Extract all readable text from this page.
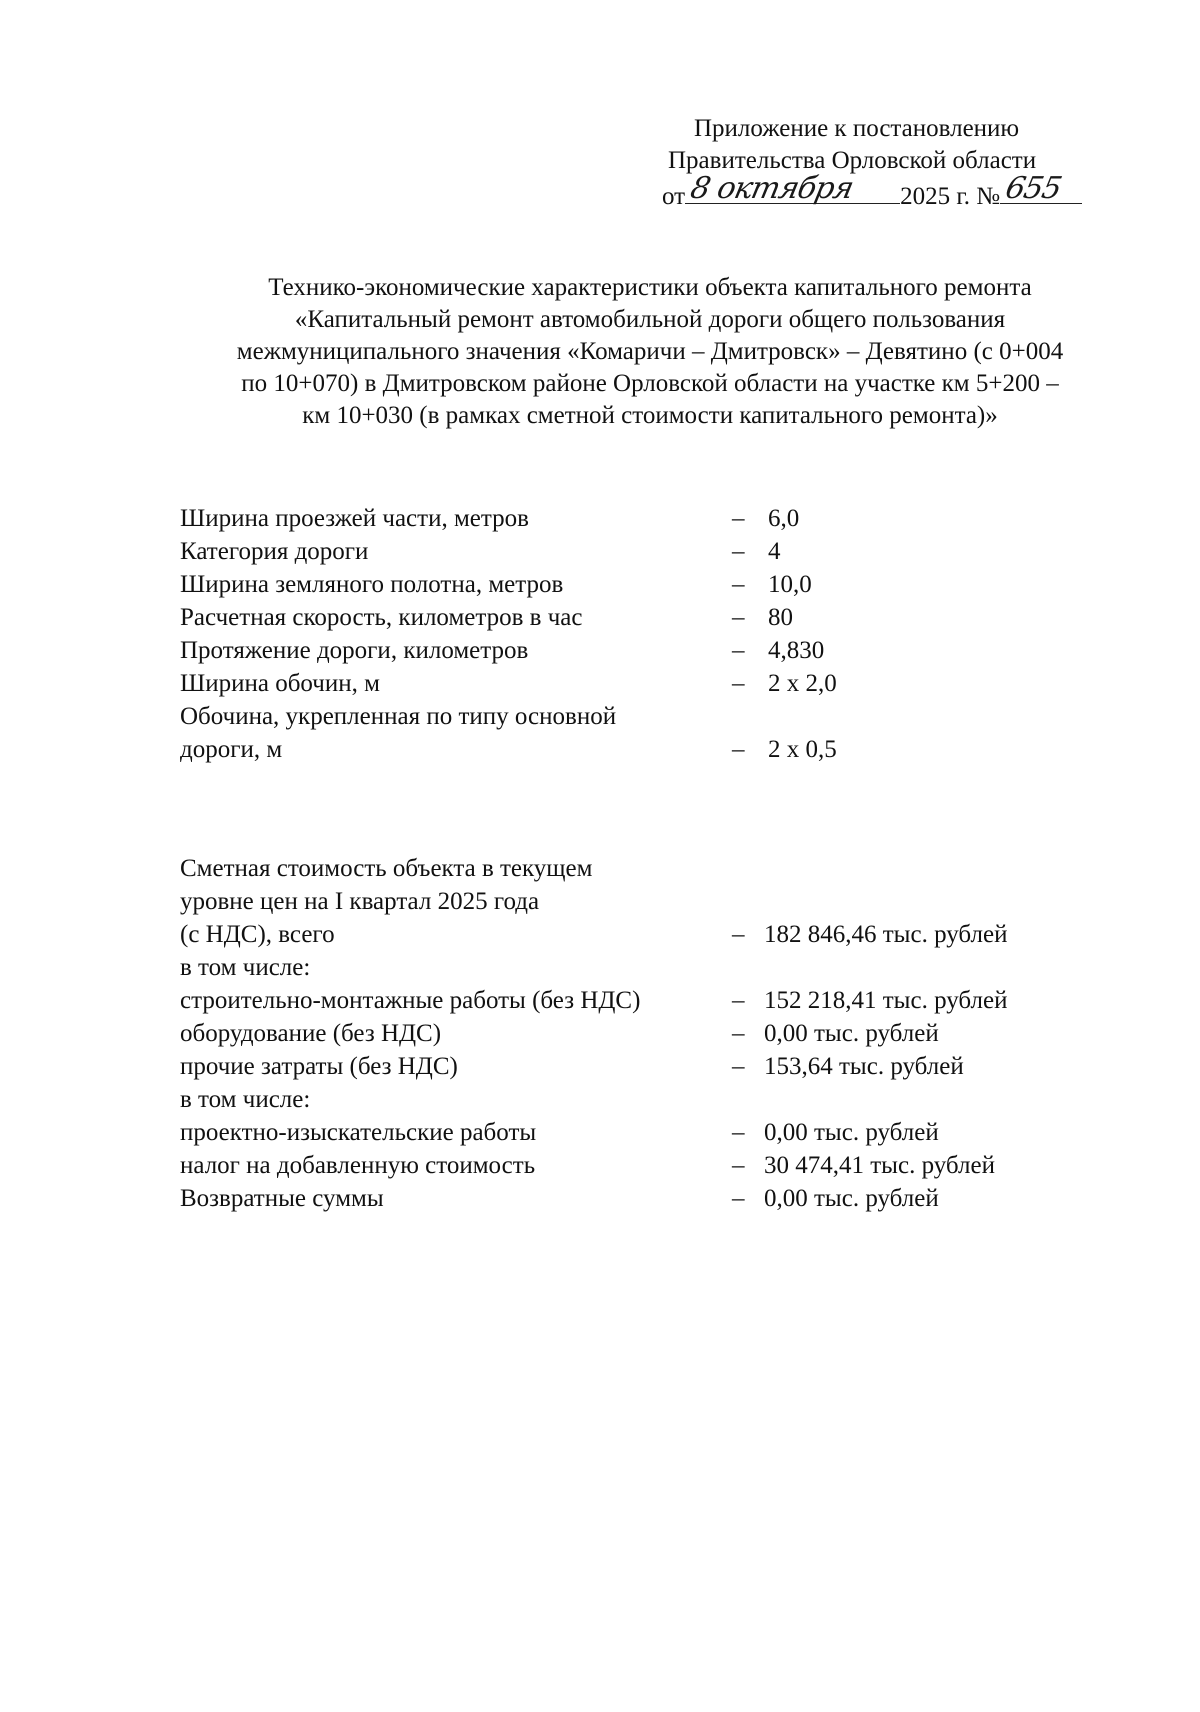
Приложение к постановлению
Правительства Орловской области
от 8 октября 2025 г. № 655
Технико-экономические характеристики объекта капитального ремонта
«Капитальный ремонт автомобильной дороги общего пользования
межмуниципального значения «Комаричи – Дмитровск» – Девятино (с 0+004
по 10+070) в Дмитровском районе Орловской области на участке км 5+200 –
км 10+030 (в рамках сметной стоимости капитального ремонта)»
Ширина проезжей части, метров	– 6,0
Категория дороги	– 4
Ширина земляного полотна, метров	– 10,0
Расчетная скорость, километров в час	– 80
Протяжение дороги, километров	– 4,830
Ширина обочин, м	– 2 х 2,0
Обочина, укрепленная по типу основной
дороги, м	– 2 х 0,5
Сметная стоимость объекта в текущем
уровне цен на I квартал 2025 года
(с НДС), всего	– 182 846,46 тыс. рублей
в том числе:
строительно-монтажные работы (без НДС)	– 152 218,41 тыс. рублей
оборудование (без НДС)	– 0,00 тыс. рублей
прочие затраты (без НДС)	– 153,64 тыс. рублей
в том числе:
проектно-изыскательские работы	– 0,00 тыс. рублей
налог на добавленную стоимость	– 30 474,41 тыс. рублей
Возвратные суммы	– 0,00 тыс. рублей
